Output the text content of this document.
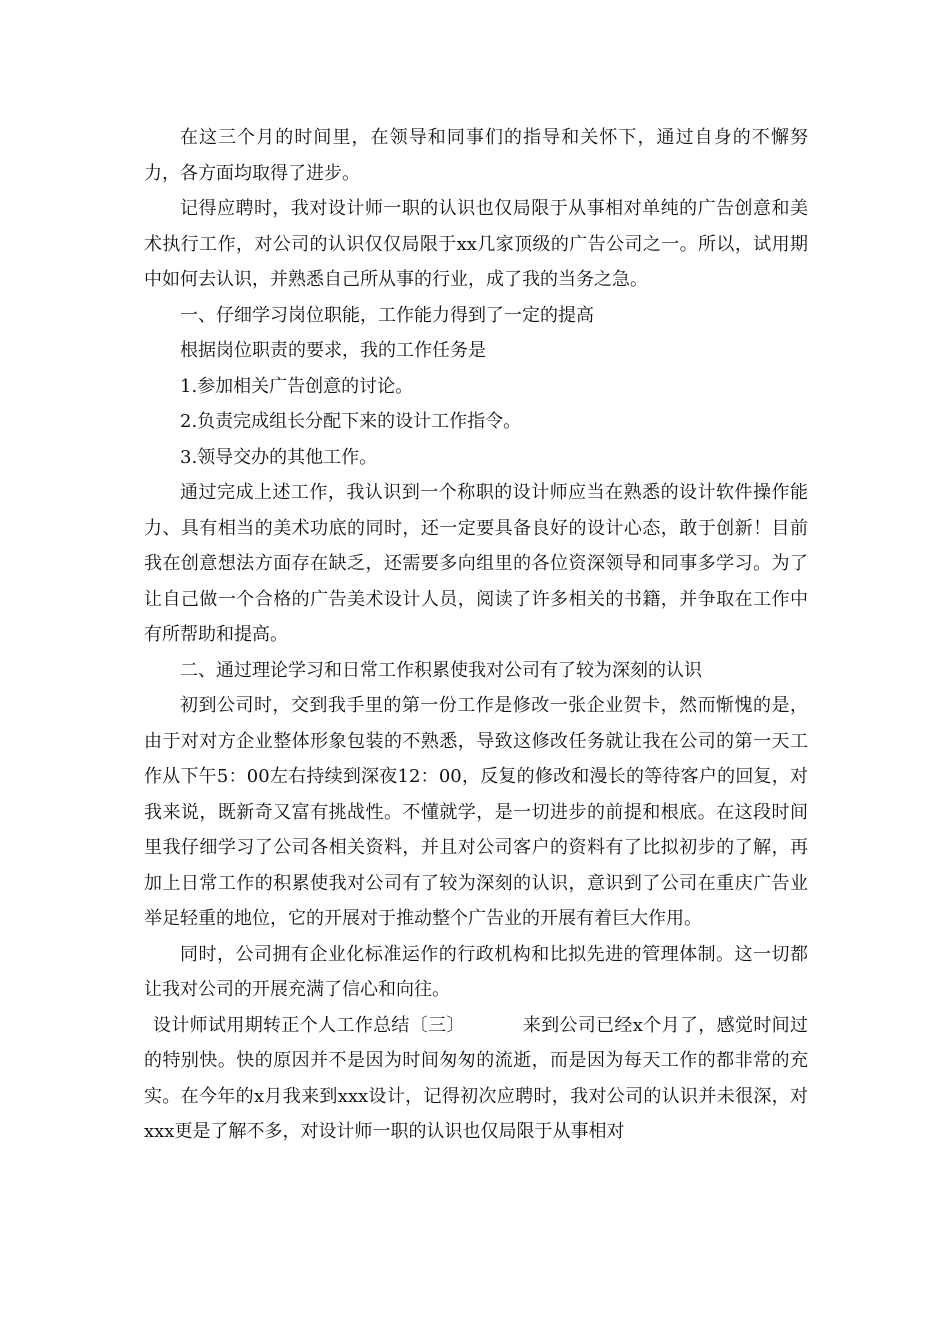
在这三个月的时间里，在领导和同事们的指导和关怀下，通过自身的不懈努力，各方面均取得了进步。

记得应聘时，我对设计师一职的认识也仅局限于从事相对单纯的广告创意和美术执行工作，对公司的认识仅仅局限于xx几家顶级的广告公司之一。所以，试用期中如何去认识，并熟悉自己所从事的行业，成了我的当务之急。

一、仔细学习岗位职能，工作能力得到了一定的提高

根据岗位职责的要求，我的工作任务是

1.参加相关广告创意的讨论。

2.负责完成组长分配下来的设计工作指令。

3.领导交办的其他工作。

通过完成上述工作，我认识到一个称职的设计师应当在熟悉的设计软件操作能力、具有相当的美术功底的同时，还一定要具备良好的设计心态，敢于创新！目前我在创意想法方面存在缺乏，还需要多向组里的各位资深领导和同事多学习。为了让自己做一个合格的广告美术设计人员，阅读了许多相关的书籍，并争取在工作中有所帮助和提高。

二、通过理论学习和日常工作积累使我对公司有了较为深刻的认识

初到公司时，交到我手里的第一份工作是修改一张企业贺卡，然而惭愧的是，由于对对方企业整体形象包装的不熟悉，导致这修改任务就让我在公司的第一天工作从下午5：00左右持续到深夜12：00，反复的修改和漫长的等待客户的回复，对我来说，既新奇又富有挑战性。不懂就学，是一切进步的前提和根底。在这段时间里我仔细学习了公司各相关资料，并且对公司客户的资料有了比拟初步的了解，再加上日常工作的积累使我对公司有了较为深刻的认识，意识到了公司在重庆广告业举足轻重的地位，它的开展对于推动整个广告业的开展有着巨大作用。

同时，公司拥有企业化标准运作的行政机构和比拟先进的管理体制。这一切都让我对公司的开展充满了信心和向往。

设计师试用期转正个人工作总结〔三〕	来到公司已经x个月了，感觉时间过的特别快。快的原因并不是因为时间匆匆的流逝，而是因为每天工作的都非常的充实。在今年的x月我来到xxx设计，记得初次应聘时，我对公司的认识并未很深，对xxx更是了解不多，对设计师一职的认识也仅局限于从事相对
